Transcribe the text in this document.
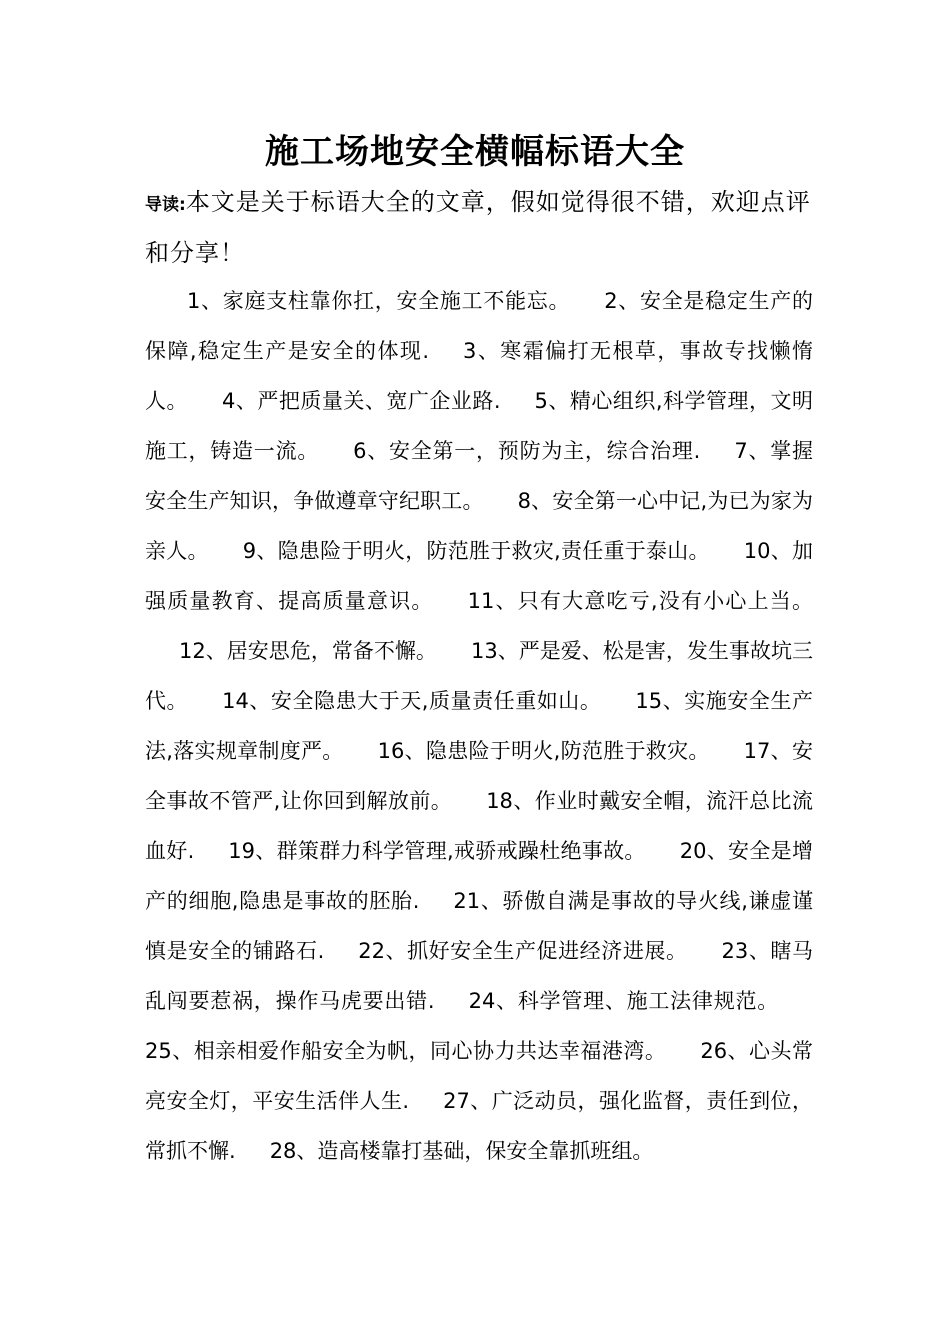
施工场地安全横幅标语大全
导读:本文是关于标语大全的文章，假如觉得很不错，欢迎点评和分享！
1、家庭支柱靠你扛，安全施工不能忘。 2、安全是稳定生产的保障,稳定生产是安全的体现. 3、寒霜偏打无根草，事故专找懒惰人。 4、严把质量关、宽广企业路. 5、精心组织,科学管理，文明施工，铸造一流。 6、安全第一，预防为主，综合治理. 7、掌握安全生产知识，争做遵章守纪职工。 8、安全第一心中记,为已为家为亲人。 9、隐患险于明火，防范胜于救灾,责任重于泰山。 10、加强质量教育、提高质量意识。 11、只有大意吃亏,没有小心上当。12、居安思危，常备不懈。 13、严是爱、松是害，发生事故坑三代。 14、安全隐患大于天,质量责任重如山。 15、实施安全生产法,落实规章制度严。 16、隐患险于明火,防范胜于救灾。 17、安全事故不管严,让你回到解放前。 18、作业时戴安全帽，流汗总比流血好. 19、群策群力科学管理,戒骄戒躁杜绝事故。 20、安全是增产的细胞,隐患是事故的胚胎. 21、骄傲自满是事故的导火线,谦虚谨慎是安全的铺路石. 22、抓好安全生产促进经济进展。 23、瞎马乱闯要惹祸，操作马虎要出错. 24、科学管理、施工法律规范。25、相亲相爱作船安全为帆，同心协力共达幸福港湾。 26、心头常亮安全灯，平安生活伴人生. 27、广泛动员，强化监督，责任到位，常抓不懈. 28、造高楼靠打基础，保安全靠抓班组。
